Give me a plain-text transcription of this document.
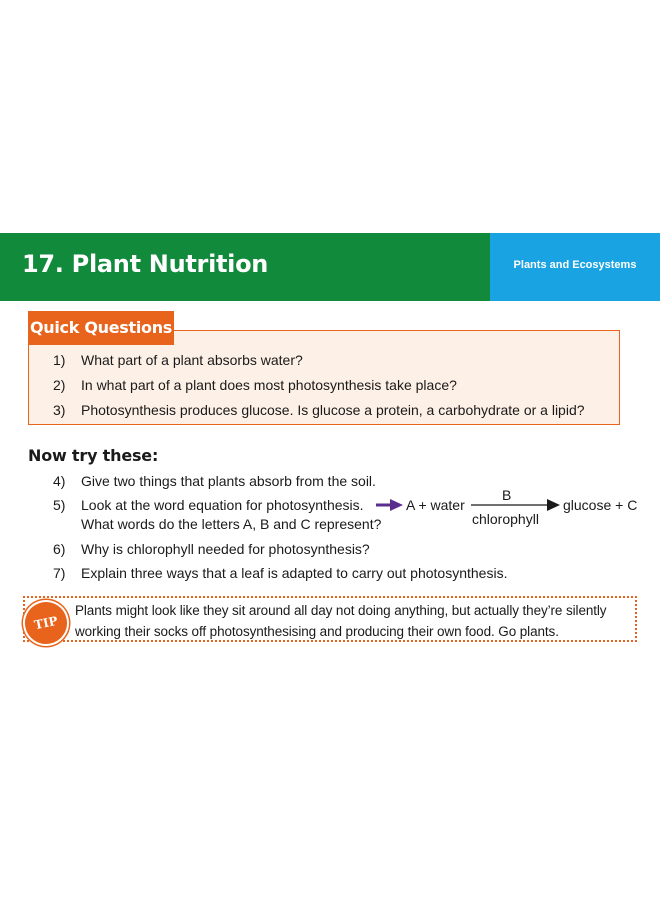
17. Plant Nutrition	Plants and Ecosystems
Quick Questions
1) What part of a plant absorbs water?
2) In what part of a plant does most photosynthesis take place?
3) Photosynthesis produces glucose. Is glucose a protein, a carbohydrate or a lipid?
Now try these:
4) Give two things that plants absorb from the soil.
5) Look at the word equation for photosynthesis.
What words do the letters A, B and C represent?
A + water
B
chlorophyll
glucose + C
6) Why is chlorophyll needed for photosynthesis?
7) Explain three ways that a leaf is adapted to carry out photosynthesis.
TIP
Plants might look like they sit around all day not doing anything, but actually they’re silently
working their socks off photosynthesising and producing their own food. Go plants.
